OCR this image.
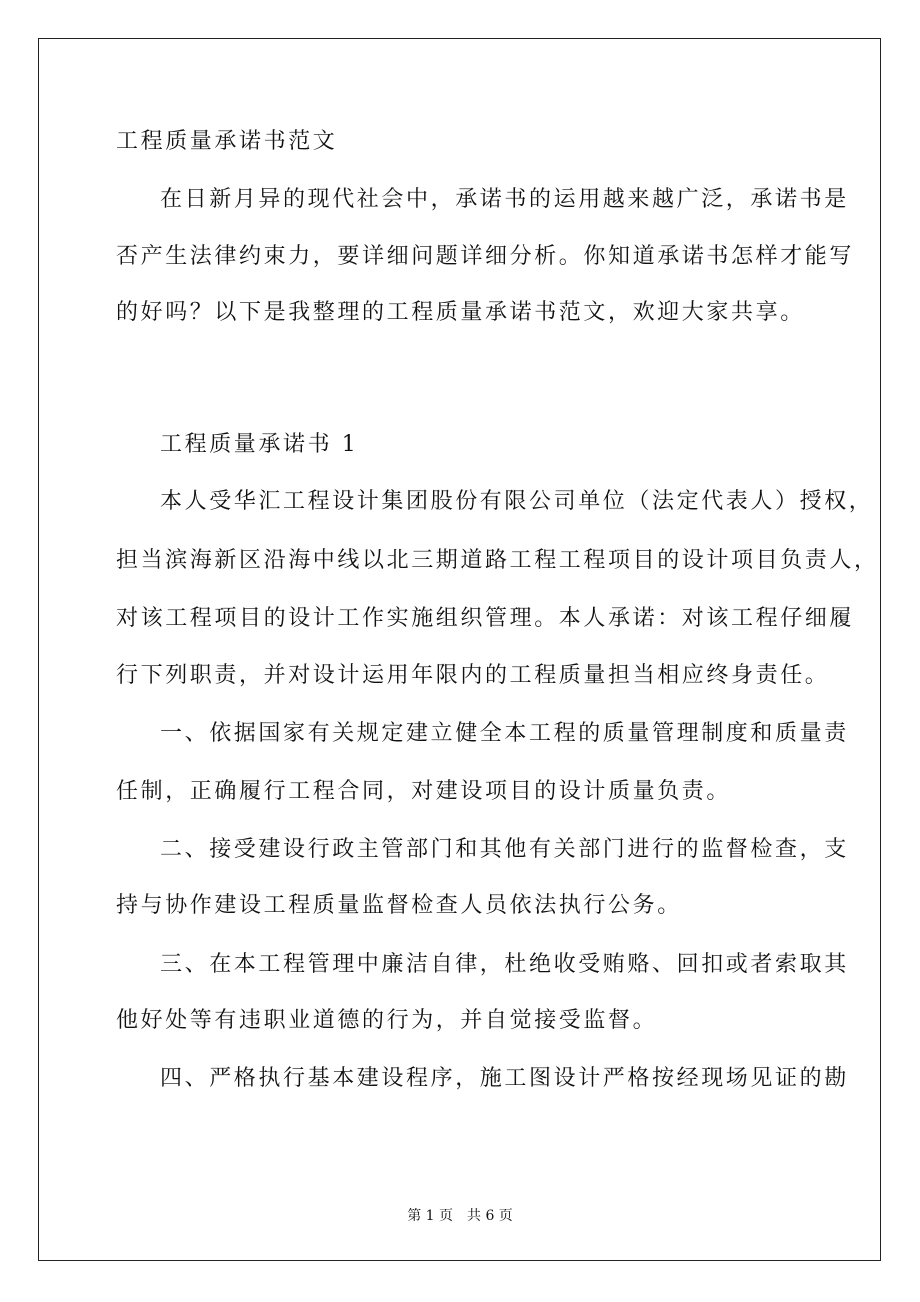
工程质量承诺书范文
在日新月异的现代社会中，承诺书的运用越来越广泛，承诺书是
否产生法律约束力，要详细问题详细分析。你知道承诺书怎样才能写
的好吗？以下是我整理的工程质量承诺书范文，欢迎大家共享。
工程质量承诺书 1
本人受华汇工程设计集团股份有限公司单位（法定代表人）授权，
担当滨海新区沿海中线以北三期道路工程工程项目的设计项目负责人，
对该工程项目的设计工作实施组织管理。本人承诺：对该工程仔细履
行下列职责，并对设计运用年限内的工程质量担当相应终身责任。
一、依据国家有关规定建立健全本工程的质量管理制度和质量责
任制，正确履行工程合同，对建设项目的设计质量负责。
二、接受建设行政主管部门和其他有关部门进行的监督检查，支
持与协作建设工程质量监督检查人员依法执行公务。
三、在本工程管理中廉洁自律，杜绝收受贿赂、回扣或者索取其
他好处等有违职业道德的行为，并自觉接受监督。
四、严格执行基本建设程序，施工图设计严格按经现场见证的勘
第 1 页　共 6 页
